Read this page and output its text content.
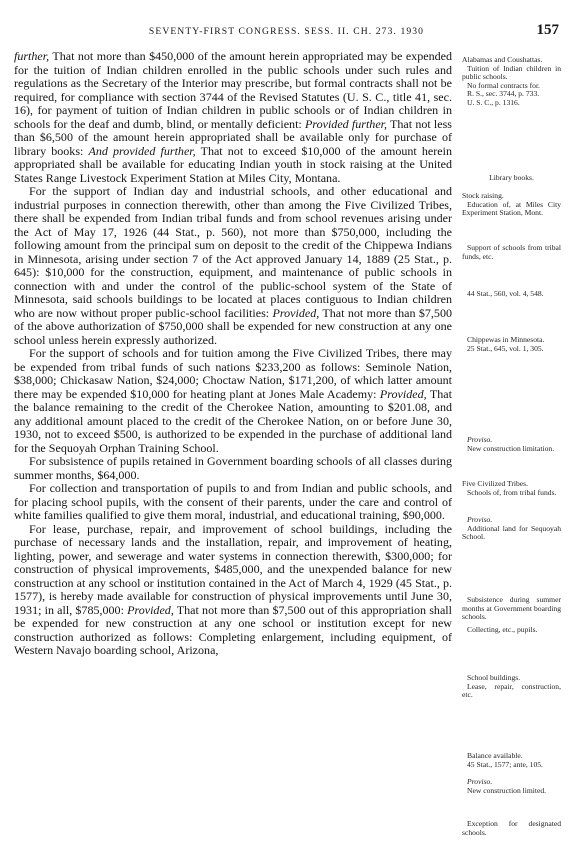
SEVENTY-FIRST CONGRESS. SESS. II. CH. 273. 1930	157

further, That not more than $450,000 of the amount herein appropriated may be expended for the tuition of Indian children enrolled in the public schools under such rules and regulations as the Secretary of the Interior may prescribe, but formal contracts shall not be required, for compliance with section 3744 of the Revised Statutes (U. S. C., title 41, sec. 16), for payment of tuition of Indian children in public schools or of Indian children in schools for the deaf and dumb, blind, or mentally deficient: Provided further, That not less than $6,500 of the amount herein appropriated shall be available only for purchase of library books: And provided further, That not to exceed $10,000 of the amount herein appropriated shall be available for educating Indian youth in stock raising at the United States Range Livestock Experiment Station at Miles City, Montana.

For the support of Indian day and industrial schools, and other educational and industrial purposes in connection therewith, other than among the Five Civilized Tribes, there shall be expended from Indian tribal funds and from school revenues arising under the Act of May 17, 1926 (44 Stat., p. 560), not more than $750,000, including the following amount from the principal sum on deposit to the credit of the Chippewa Indians in Minnesota, arising under section 7 of the Act approved January 14, 1889 (25 Stat., p. 645): $10,000 for the construction, equipment, and maintenance of public schools in connection with and under the control of the public-school system of the State of Minnesota, said schools buildings to be located at places contiguous to Indian children who are now without proper public-school facilities: Provided, That not more than $7,500 of the above authorization of $750,000 shall be expended for new construction at any one school unless herein expressly authorized.

For the support of schools and for tuition among the Five Civilized Tribes, there may be expended from tribal funds of such nations $233,200 as follows: Seminole Nation, $38,000; Chickasaw Nation, $24,000; Choctaw Nation, $171,200, of which latter amount there may be expended $10,000 for heating plant at Jones Male Academy: Provided, That the balance remaining to the credit of the Cherokee Nation, amounting to $201.08, and any additional amount placed to the credit of the Cherokee Nation, on or before June 30, 1930, not to exceed $500, is authorized to be expended in the purchase of additional land for the Sequoyah Orphan Training School.

For subsistence of pupils retained in Government boarding schools of all classes during summer months, $64,000.

For collection and transportation of pupils to and from Indian and public schools, and for placing school pupils, with the consent of their parents, under the care and control of white families qualified to give them moral, industrial, and educational training, $90,000.

For lease, purchase, repair, and improvement of school buildings, including the purchase of necessary lands and the installation, repair, and improvement of heating, lighting, power, and sewerage and water systems in connection therewith, $300,000; for construction of physical improvements, $485,000, and the unexpended balance for new construction at any school or institution contained in the Act of March 4, 1929 (45 Stat., p. 1577), is hereby made available for construction of physical improvements until June 30, 1931; in all, $785,000: Provided, That not more than $7,500 out of this appropriation shall be expended for new construction at any one school or institution except for new construction authorized as follows: Completing enlargement, including equipment, of Western Navajo boarding school, Arizona,

Alabamas and Coushattas.
Tuition of Indian children in public schools.
No formal contracts for.
R. S., sec. 3744, p. 733.
U. S. C., p. 1316.
Library books.
Stock raising.
Education of, at Miles City Experiment Station, Mont.
Support of schools from tribal funds, etc.
44 Stat., 560, vol. 4, 548.
Chippewas in Minnesota.
25 Stat., 645, vol. 1, 305.
Proviso.
New construction limitation.
Five Civilized Tribes.
Schools of, from tribal funds.
Proviso.
Additional land for Sequoyah School.
Subsistence during summer months at Government boarding schools.
Collecting, etc., pupils.
School buildings.
Lease, repair, construction, etc.
Balance available.
45 Stat., 1577; ante, 105.
Proviso.
New construction limited.
Exception for designated schools.
